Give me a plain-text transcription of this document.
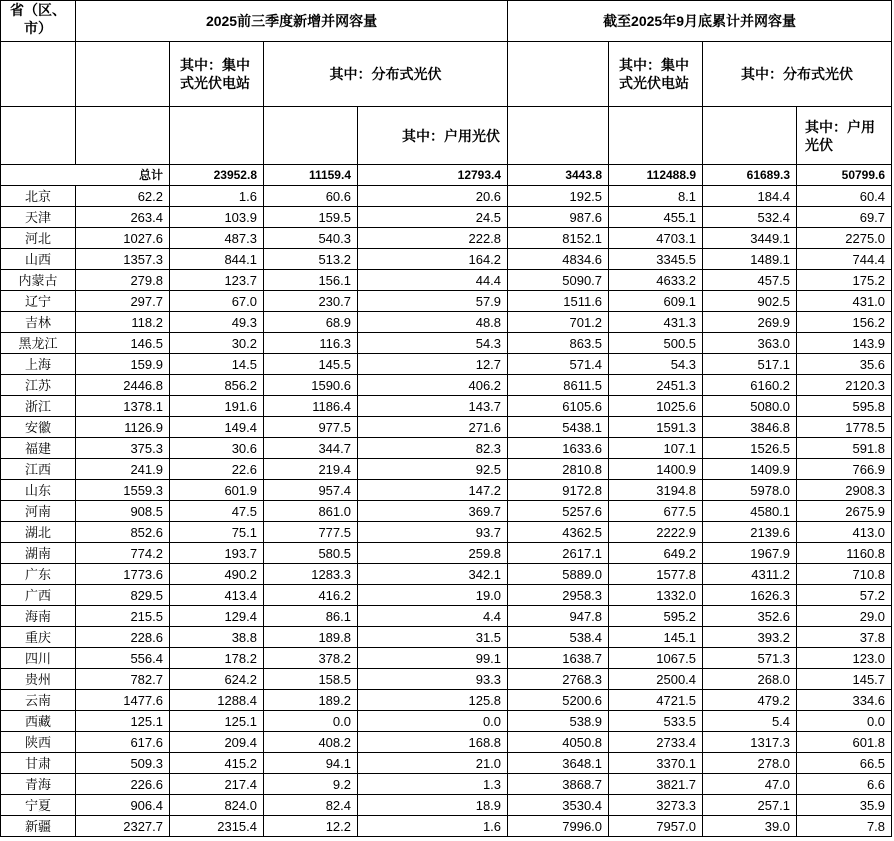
省（区、市）	2025前三季度新增并网容量				截至2025年9月底累计并网容量				
		其中：集中式光伏电站	其中：分布式光伏			其中：集中式光伏电站	其中：分布式光伏		
				其中：户用光伏				其中：户用光伏	
总计		23952.8	11159.4	12793.4	3443.8	112488.9	61689.3	50799.6	
北京	62.2	1.6	60.6	20.6	192.5	8.1	184.4	60.4	
天津	263.4	103.9	159.5	24.5	987.6	455.1	532.4	69.7	
河北	1027.6	487.3	540.3	222.8	8152.1	4703.1	3449.1	2275.0	
山西	1357.3	844.1	513.2	164.2	4834.6	3345.5	1489.1	744.4	
内蒙古	279.8	123.7	156.1	44.4	5090.7	4633.2	457.5	175.2	
辽宁	297.7	67.0	230.7	57.9	1511.6	609.1	902.5	431.0	
吉林	118.2	49.3	68.9	48.8	701.2	431.3	269.9	156.2	
黑龙江	146.5	30.2	116.3	54.3	863.5	500.5	363.0	143.9	
上海	159.9	14.5	145.5	12.7	571.4	54.3	517.1	35.6	
江苏	2446.8	856.2	1590.6	406.2	8611.5	2451.3	6160.2	2120.3	
浙江	1378.1	191.6	1186.4	143.7	6105.6	1025.6	5080.0	595.8	
安徽	1126.9	149.4	977.5	271.6	5438.1	1591.3	3846.8	1778.5	
福建	375.3	30.6	344.7	82.3	1633.6	107.1	1526.5	591.8	
江西	241.9	22.6	219.4	92.5	2810.8	1400.9	1409.9	766.9	
山东	1559.3	601.9	957.4	147.2	9172.8	3194.8	5978.0	2908.3	
河南	908.5	47.5	861.0	369.7	5257.6	677.5	4580.1	2675.9	
湖北	852.6	75.1	777.5	93.7	4362.5	2222.9	2139.6	413.0	
湖南	774.2	193.7	580.5	259.8	2617.1	649.2	1967.9	1160.8	
广东	1773.6	490.2	1283.3	342.1	5889.0	1577.8	4311.2	710.8	
广西	829.5	413.4	416.2	19.0	2958.3	1332.0	1626.3	57.2	
海南	215.5	129.4	86.1	4.4	947.8	595.2	352.6	29.0	
重庆	228.6	38.8	189.8	31.5	538.4	145.1	393.2	37.8	
四川	556.4	178.2	378.2	99.1	1638.7	1067.5	571.3	123.0	
贵州	782.7	624.2	158.5	93.3	2768.3	2500.4	268.0	145.7	
云南	1477.6	1288.4	189.2	125.8	5200.6	4721.5	479.2	334.6	
西藏	125.1	125.1	0.0	0.0	538.9	533.5	5.4	0.0	
陕西	617.6	209.4	408.2	168.8	4050.8	2733.4	1317.3	601.8	
甘肃	509.3	415.2	94.1	21.0	3648.1	3370.1	278.0	66.5	
青海	226.6	217.4	9.2	1.3	3868.7	3821.7	47.0	6.6	
宁夏	906.4	824.0	82.4	18.9	3530.4	3273.3	257.1	35.9	
新疆	2327.7	2315.4	12.2	1.6	7996.0	7957.0	39.0	7.8	
